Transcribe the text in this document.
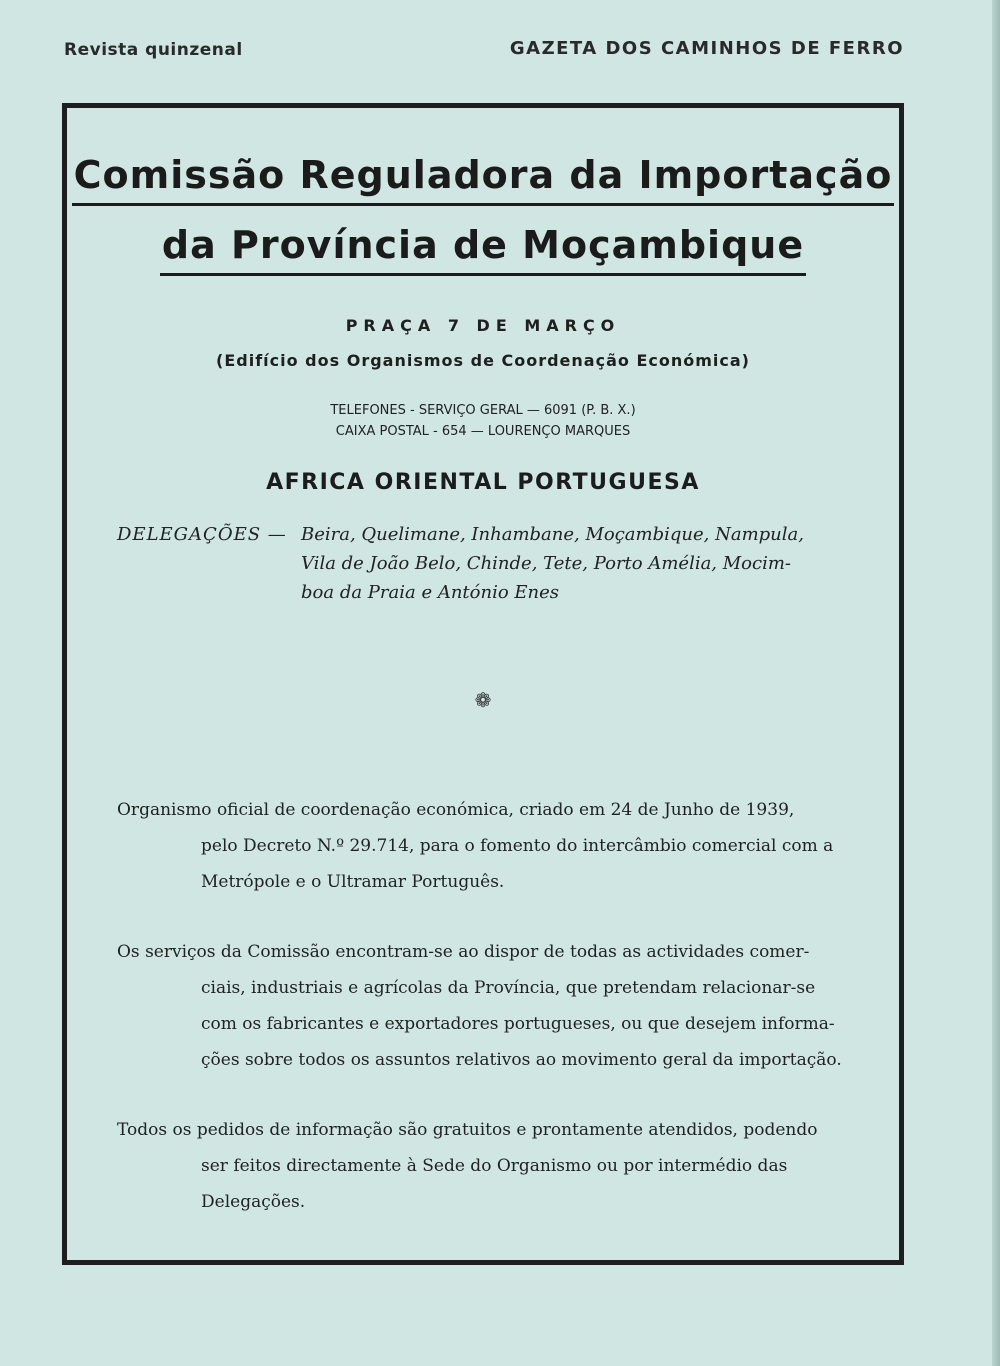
Revista quinzenal	GAZETA DOS CAMINHOS DE FERRO
Comissão Reguladora da Importação
da Província de Moçambique
PRAÇA 7 DE MARÇO
(Edifício dos Organismos de Coordenação Económica)
TELEFONES - SERVIÇO GERAL — 6091 (P. B. X.)
CAIXA POSTAL - 654 — LOURENÇO MARQUES
AFRICA ORIENTAL PORTUGUESA
DELEGAÇÕES — Beira, Quelimane, Inhambane, Moçambique, Nampula,
Vila de João Belo, Chinde, Tete, Porto Amélia, Mocim-
boa da Praia e António Enes
❁
Organismo oficial de coordenação económica, criado em 24 de Junho de 1939,
pelo Decreto N.º 29.714, para o fomento do intercâmbio comercial com a
Metrópole e o Ultramar Português.
Os serviços da Comissão encontram-se ao dispor de todas as actividades comer-
ciais, industriais e agrícolas da Província, que pretendam relacionar-se
com os fabricantes e exportadores portugueses, ou que desejem informa-
ções sobre todos os assuntos relativos ao movimento geral da importação.
Todos os pedidos de informação são gratuitos e prontamente atendidos, podendo
ser feitos directamente à Sede do Organismo ou por intermédio das
Delegações.
